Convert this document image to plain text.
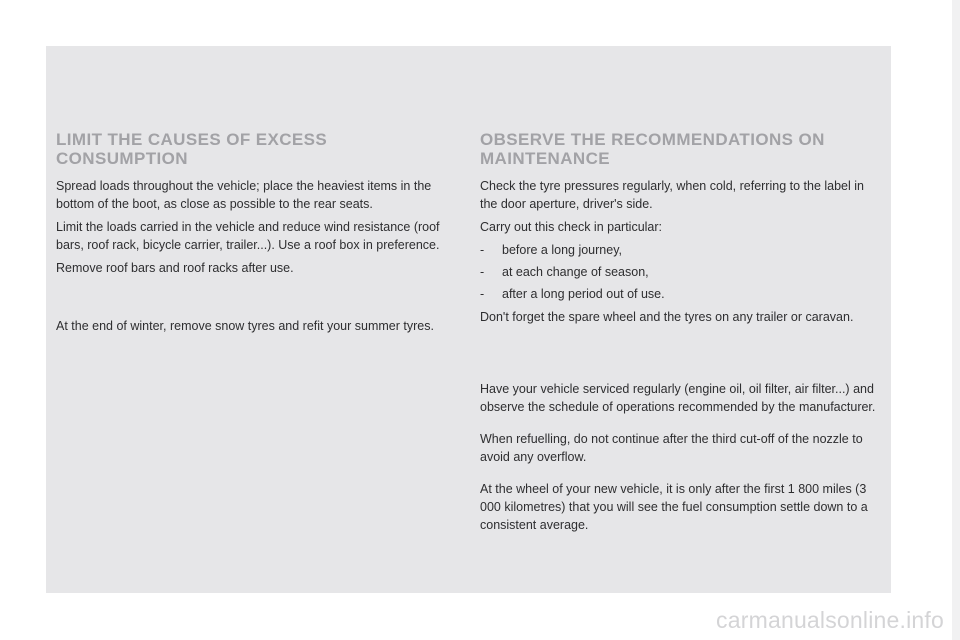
LIMIT THE CAUSES OF EXCESS CONSUMPTION

Spread loads throughout the vehicle; place the heaviest items in the bottom of the boot, as close as possible to the rear seats.

Limit the loads carried in the vehicle and reduce wind resistance (roof bars, roof rack, bicycle carrier, trailer...). Use a roof box in preference.

Remove roof bars and roof racks after use.

At the end of winter, remove snow tyres and refit your summer tyres.

OBSERVE THE RECOMMENDATIONS ON MAINTENANCE

Check the tyre pressures regularly, when cold, referring to the label in the door aperture, driver's side.

Carry out this check in particular:

-	before a long journey,
-	at each change of season,
-	after a long period out of use.

Don't forget the spare wheel and the tyres on any trailer or caravan.

Have your vehicle serviced regularly (engine oil, oil filter, air filter...) and observe the schedule of operations recommended by the manufacturer.

When refuelling, do not continue after the third cut-off of the nozzle to avoid any overflow.

At the wheel of your new vehicle, it is only after the first 1 800 miles (3 000 kilometres) that you will see the fuel consumption settle down to a consistent average.

carmanualsonline.info
